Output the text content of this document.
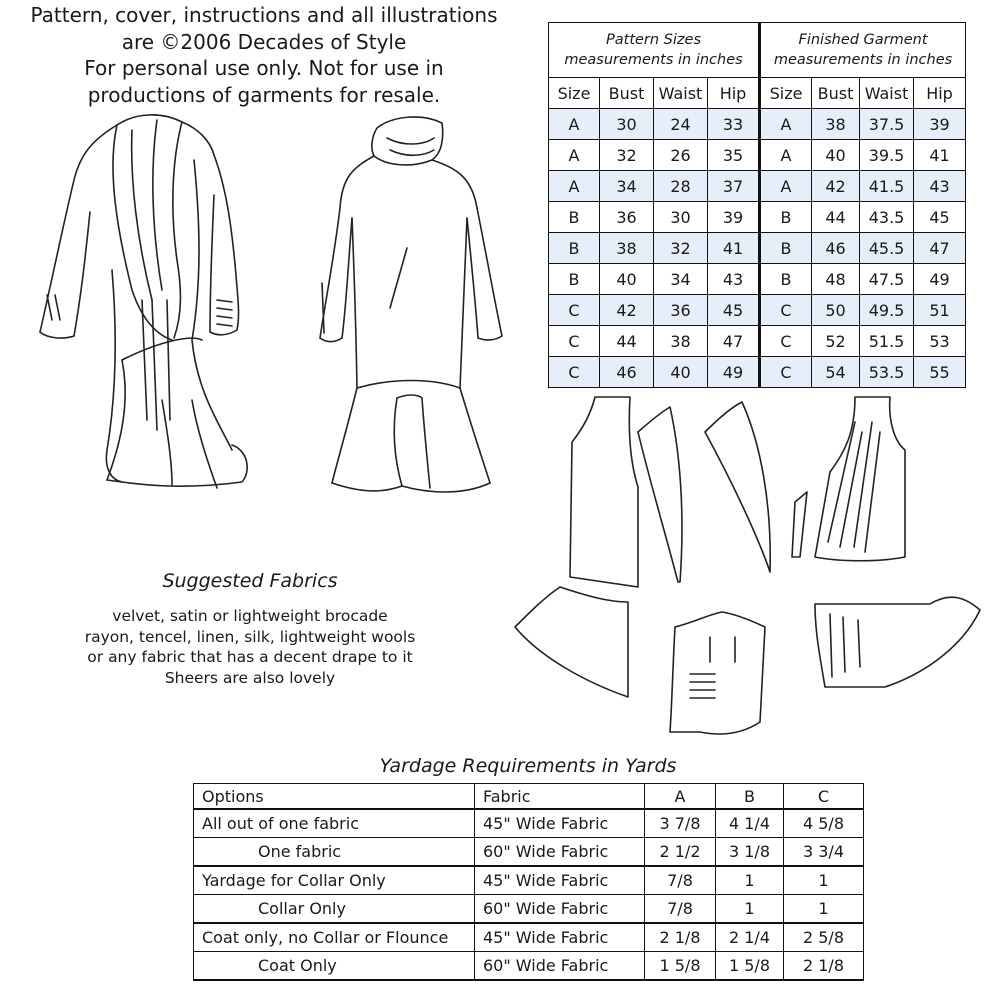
Pattern, cover, instructions and all illustrations
are ©2006 Decades of Style
For personal use only. Not for use in
productions of garments for resale.
Pattern Sizes
measurements in inches				Finished Garment
measurements in inches			
Size	Bust	Waist	Hip	Size	Bust	Waist	Hip
A	30	24	33	A	38	37.5	39
A	32	26	35	A	40	39.5	41
A	34	28	37	A	42	41.5	43
B	36	30	39	B	44	43.5	45
B	38	32	41	B	46	45.5	47
B	40	34	43	B	48	47.5	49
C	42	36	45	C	50	49.5	51
C	44	38	47	C	52	51.5	53
C	46	40	49	C	54	53.5	55
Suggested Fabrics
velvet, satin or lightweight brocade
rayon, tencel, linen, silk, lightweight wools
or any fabric that has a decent drape to it
Sheers are also lovely
Yardage Requirements in Yards
Options	Fabric	A	B	C
All out of one fabric	45" Wide Fabric	3 7/8	4 1/4	4 5/8
One fabric	60" Wide Fabric	2 1/2	3 1/8	3 3/4
Yardage for Collar Only	45" Wide Fabric	7/8	1	1
Collar Only	60" Wide Fabric	7/8	1	1
Coat only, no Collar or Flounce	45" Wide Fabric	2 1/8	2 1/4	2 5/8
Coat Only	60" Wide Fabric	1 5/8	1 5/8	2 1/8
